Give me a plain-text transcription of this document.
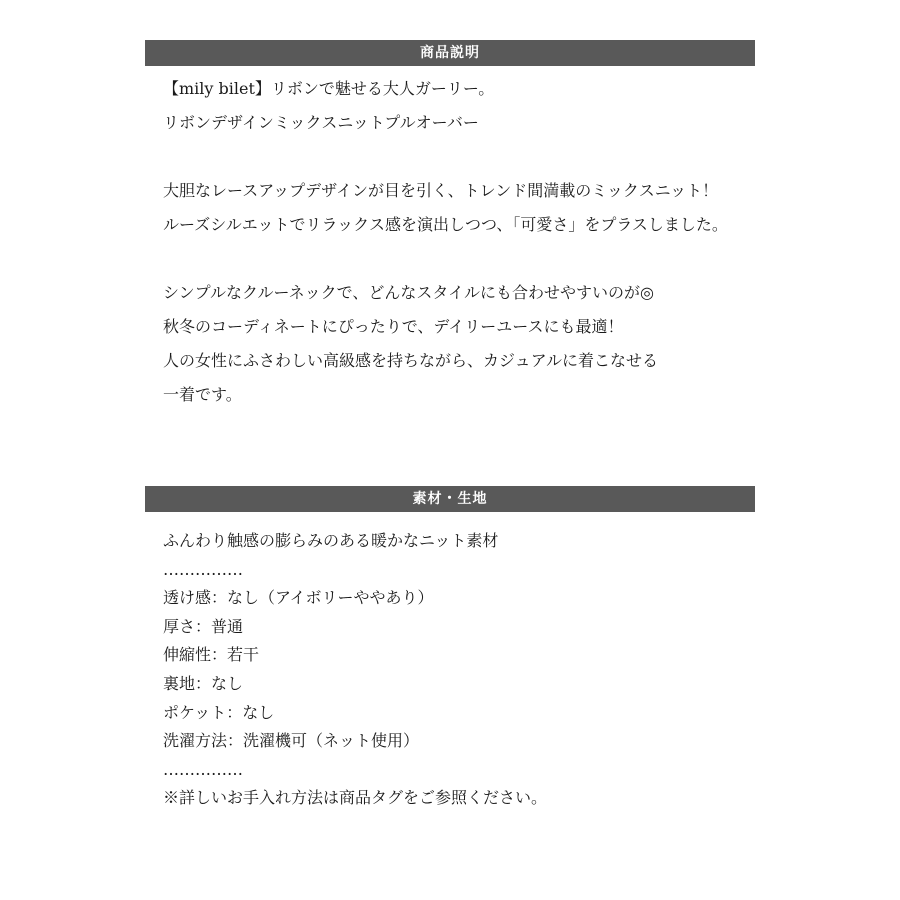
商品説明
【mily bilet】リボンで魅せる大人ガーリー。
リボンデザインミックスニットプルオーバー
大胆なレースアップデザインが目を引く、トレンド間満載のミックスニット！
ルーズシルエットでリラックス感を演出しつつ、「可愛さ」をプラスしました。
シンプルなクルーネックで、どんなスタイルにも合わせやすいのが◎
秋冬のコーディネートにぴったりで、デイリーユースにも最適！
人の女性にふさわしい高級感を持ちながら、カジュアルに着こなせる
一着です。
素材・生地
ふんわり触感の膨らみのある暖かなニット素材
……………
透け感：なし（アイボリーややあり）
厚さ：普通
伸縮性：若干
裏地：なし
ポケット：なし
洗濯方法：洗濯機可（ネット使用）
……………
※詳しいお手入れ方法は商品タグをご参照ください。
